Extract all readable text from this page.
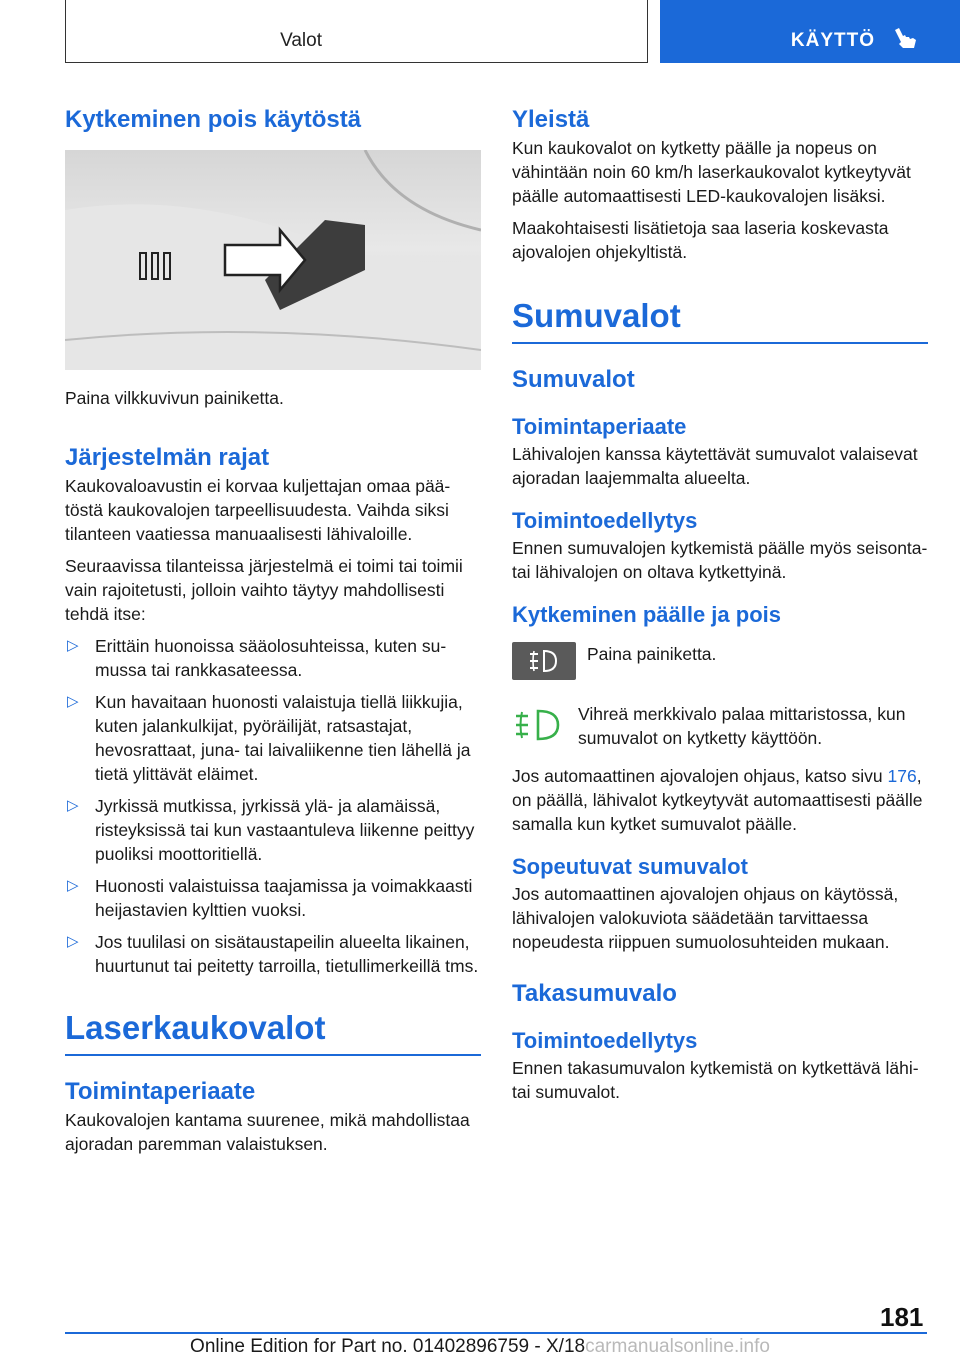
Valot	KÄYTTÖ
Kytkeminen pois käytöstä

Paina vilkkuvivun painiketta.

Järjestelmän rajat

Kaukovaloavustin ei korvaa kuljettajan omaa päätöstä kaukovalojen tarpeellisuudesta. Vaihda siksi tilanteen vaatiessa manuaalisesti lähivaloille.

Seuraavissa tilanteissa järjestelmä ei toimi tai toimii vain rajoitetusti, jolloin vaihto täytyy mahdollisesti tehdä itse:

▷ Erittäin huonoissa sääolosuhteissa, kuten sumussa tai rankkasateessa.
▷ Kun havaitaan huonosti valaistuja tiellä liikkujia, kuten jalankulkijat, pyöräilijät, ratsastajat, hevosrattaat, juna- tai laivaliikenne tien lähellä ja tietä ylittävät eläimet.
▷ Jyrkissä mutkissa, jyrkissä ylä- ja alamäissä, risteyksissä tai kun vastaantuleva liikenne peittyy puoliksi moottoritiellä.
▷ Huonosti valaistuissa taajamissa ja voimakkaasti heijastavien kylttien vuoksi.
▷ Jos tuulilasi on sisätaustapeilin alueelta likainen, huurtunut tai peitetty tarroilla, tietullimerkeillä tms.
Laserkaukovalot
Toimintaperiaate

Kaukovalojen kantama suurenee, mikä mahdollistaa ajoradan paremman valaistuksen.

Yleistä

Kun kaukovalot on kytketty päälle ja nopeus on vähintään noin 60 km/h laserkaukovalot kytkeytyvät päälle automaattisesti LED-kaukovalojen lisäksi.

Maakohtaisesti lisätietoja saa laseria koskevasta ajovalojen ohjekyltistä.

Sumuvalot
Sumuvalot
Toimintaperiaate

Lähivalojen kanssa käytettävät sumuvalot valaisevat ajoradan laajemmalta alueelta.

Toimintoedellytys

Ennen sumuvalojen kytkemistä päälle myös seisonta- tai lähivalojen on oltava kytkettyinä.

Kytkeminen päälle ja pois

Paina painiketta.

Vihreä merkkivalo palaa mittaristossa, kun sumuvalot on kytketty käyttöön.

Jos automaattinen ajovalojen ohjaus, katso sivu 176, on päällä, lähivalot kytkeytyvät automaattisesti päälle samalla kun kytket sumuvalot päälle.

Sopeutuvat sumuvalot

Jos automaattinen ajovalojen ohjaus on käytössä, lähivalojen valokuviota säädetään tarvittaessa nopeudesta riippuen sumuolosuhteiden mukaan.

Takasumuvalo
Toimintoedellytys

Ennen takasumuvalon kytkemistä on kytkettävä lähi- tai sumuvalot.

181
Online Edition for Part no. 01402896759 - X/18carmanualsonline.info
